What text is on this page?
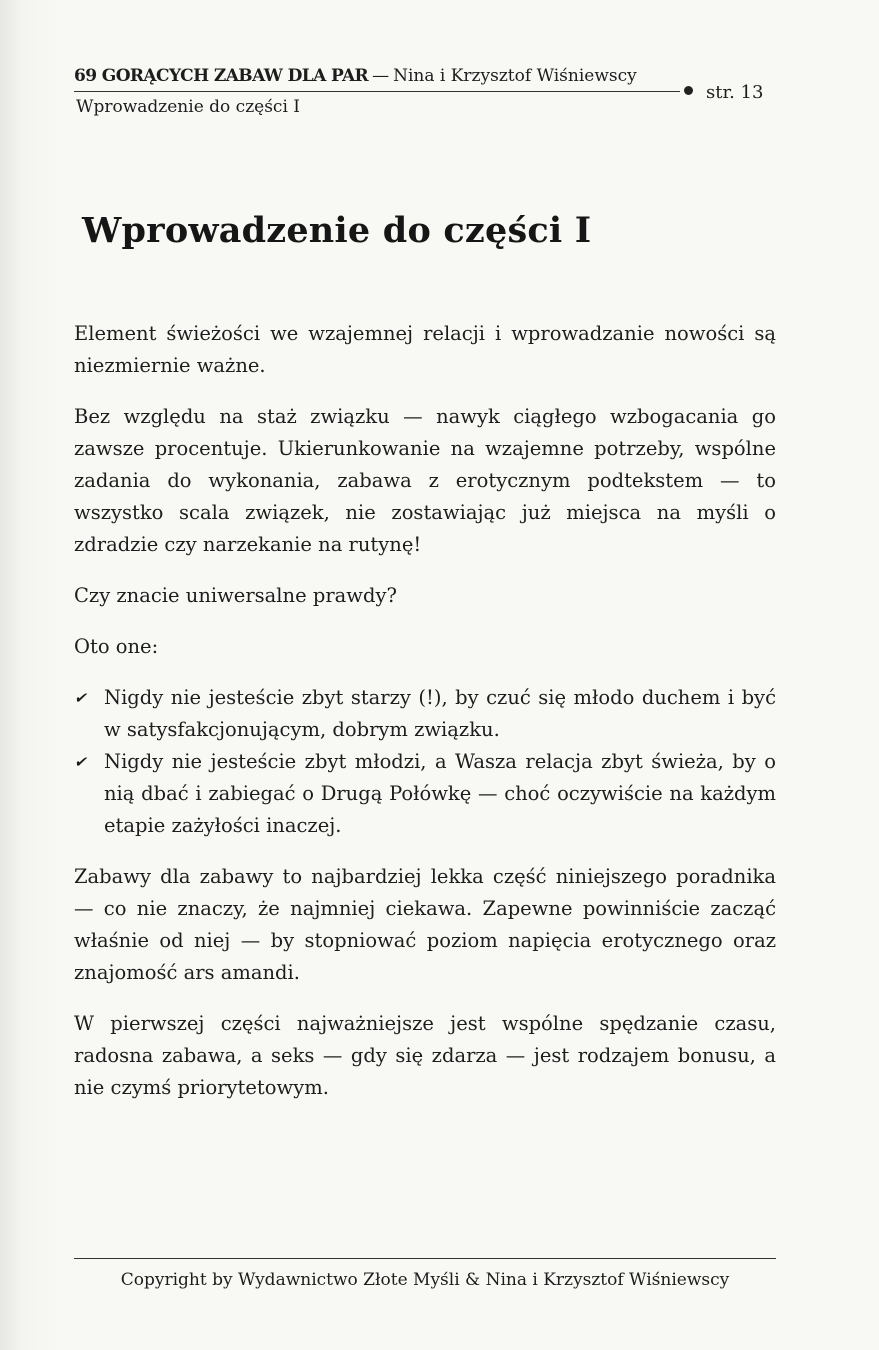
69 GORĄCYCH ZABAW DLA PAR — Nina i Krzysztof Wiśniewscy
str. 13
Wprowadzenie do części I
Wprowadzenie do części I

Element świeżości we wzajemnej relacji i wprowadzanie nowości są niezmiernie ważne.

Bez względu na staż związku — nawyk ciągłego wzbogacania go zawsze procentuje. Ukierunkowanie na wzajemne potrzeby, wspólne zadania do wykonania, zabawa z erotycznym podtekstem — to wszystko scala związek, nie zostawiając już miejsca na myśli o zdradzie czy narzekanie na rutynę!

Czy znacie uniwersalne prawdy?

Oto one:

✔ Nigdy nie jesteście zbyt starzy (!), by czuć się młodo duchem i być w satysfakcjonującym, dobrym związku.
✔ Nigdy nie jesteście zbyt młodzi, a Wasza relacja zbyt świeża, by o nią dbać i zabiegać o Drugą Połówkę — choć oczywiście na każdym etapie zażyłości inaczej.

Zabawy dla zabawy to najbardziej lekka część niniejszego poradnika — co nie znaczy, że najmniej ciekawa. Zapewne powinniście zacząć właśnie od niej — by stopniować poziom napięcia erotycznego oraz znajomość ars amandi.

W pierwszej części najważniejsze jest wspólne spędzanie czasu, radosna zabawa, a seks — gdy się zdarza — jest rodzajem bonusu, a nie czymś priorytetowym.

Copyright by Wydawnictwo Złote Myśli & Nina i Krzysztof Wiśniewscy
